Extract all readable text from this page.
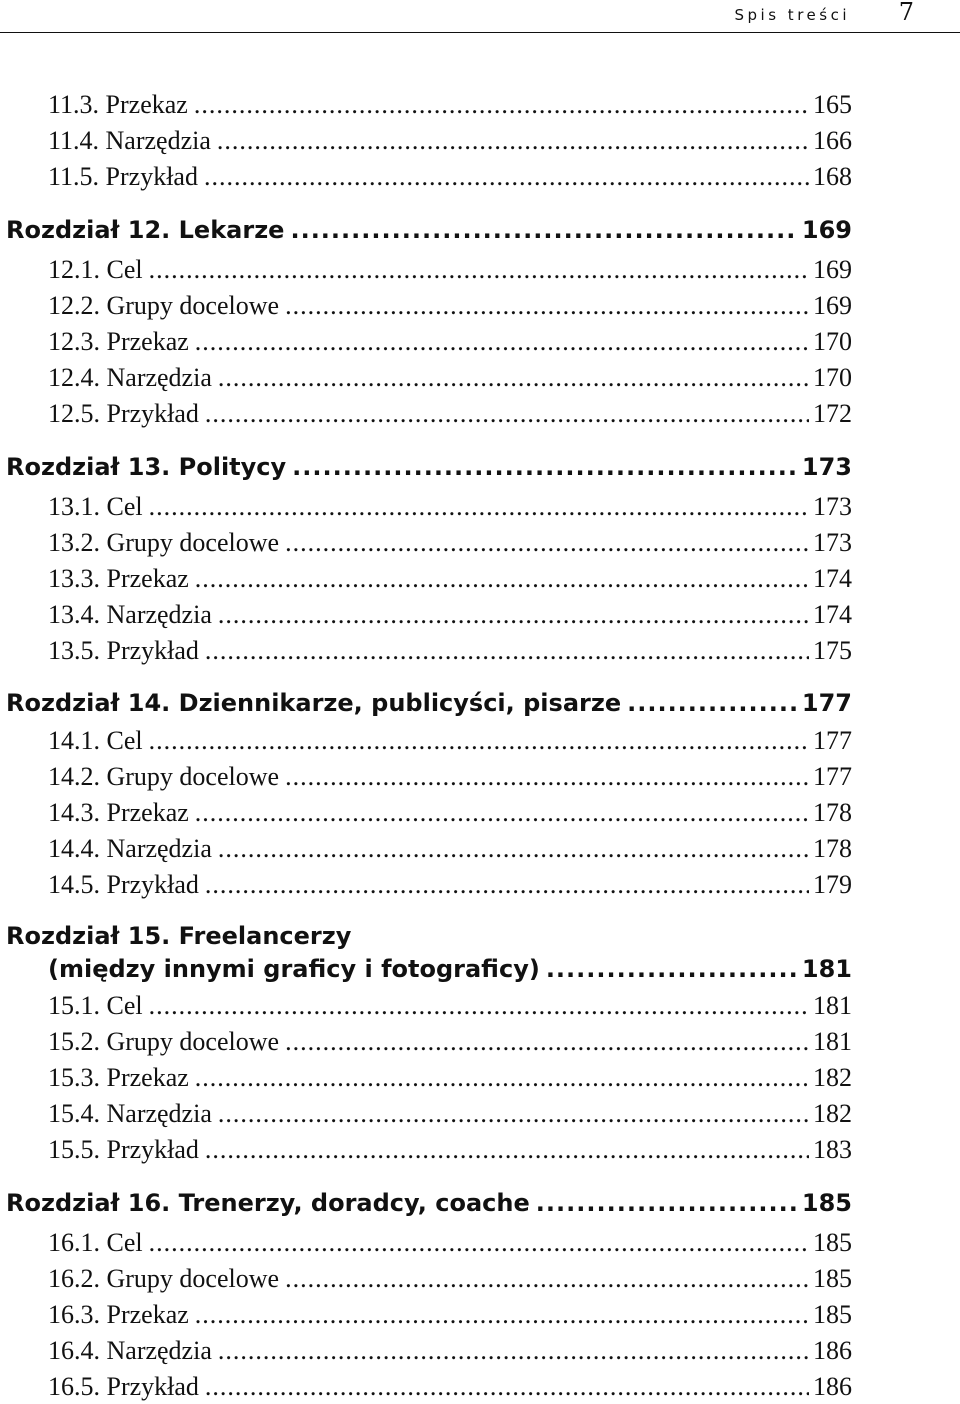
Spis treści 7
11.3. Przekaz .....	165
11.4. Narzędzia .....	166
11.5. Przykład .....	168
Rozdział 12. Lekarze .....	169
12.1. Cel .....	169
12.2. Grupy docelowe .....	169
12.3. Przekaz .....	170
12.4. Narzędzia .....	170
12.5. Przykład .....	172
Rozdział 13. Politycy .....	173
13.1. Cel .....	173
13.2. Grupy docelowe .....	173
13.3. Przekaz .....	174
13.4. Narzędzia .....	174
13.5. Przykład .....	175
Rozdział 14. Dziennikarze, publicyści, pisarze .....	177
14.1. Cel .....	177
14.2. Grupy docelowe .....	177
14.3. Przekaz .....	178
14.4. Narzędzia .....	178
14.5. Przykład .....	179
Rozdział 15. Freelancerzy
(między innymi graficy i fotograficy) .....	181
15.1. Cel .....	181
15.2. Grupy docelowe .....	181
15.3. Przekaz .....	182
15.4. Narzędzia .....	182
15.5. Przykład .....	183
Rozdział 16. Trenerzy, doradcy, coache .....	185
16.1. Cel .....	185
16.2. Grupy docelowe .....	185
16.3. Przekaz .....	185
16.4. Narzędzia .....	186
16.5. Przykład .....	186
